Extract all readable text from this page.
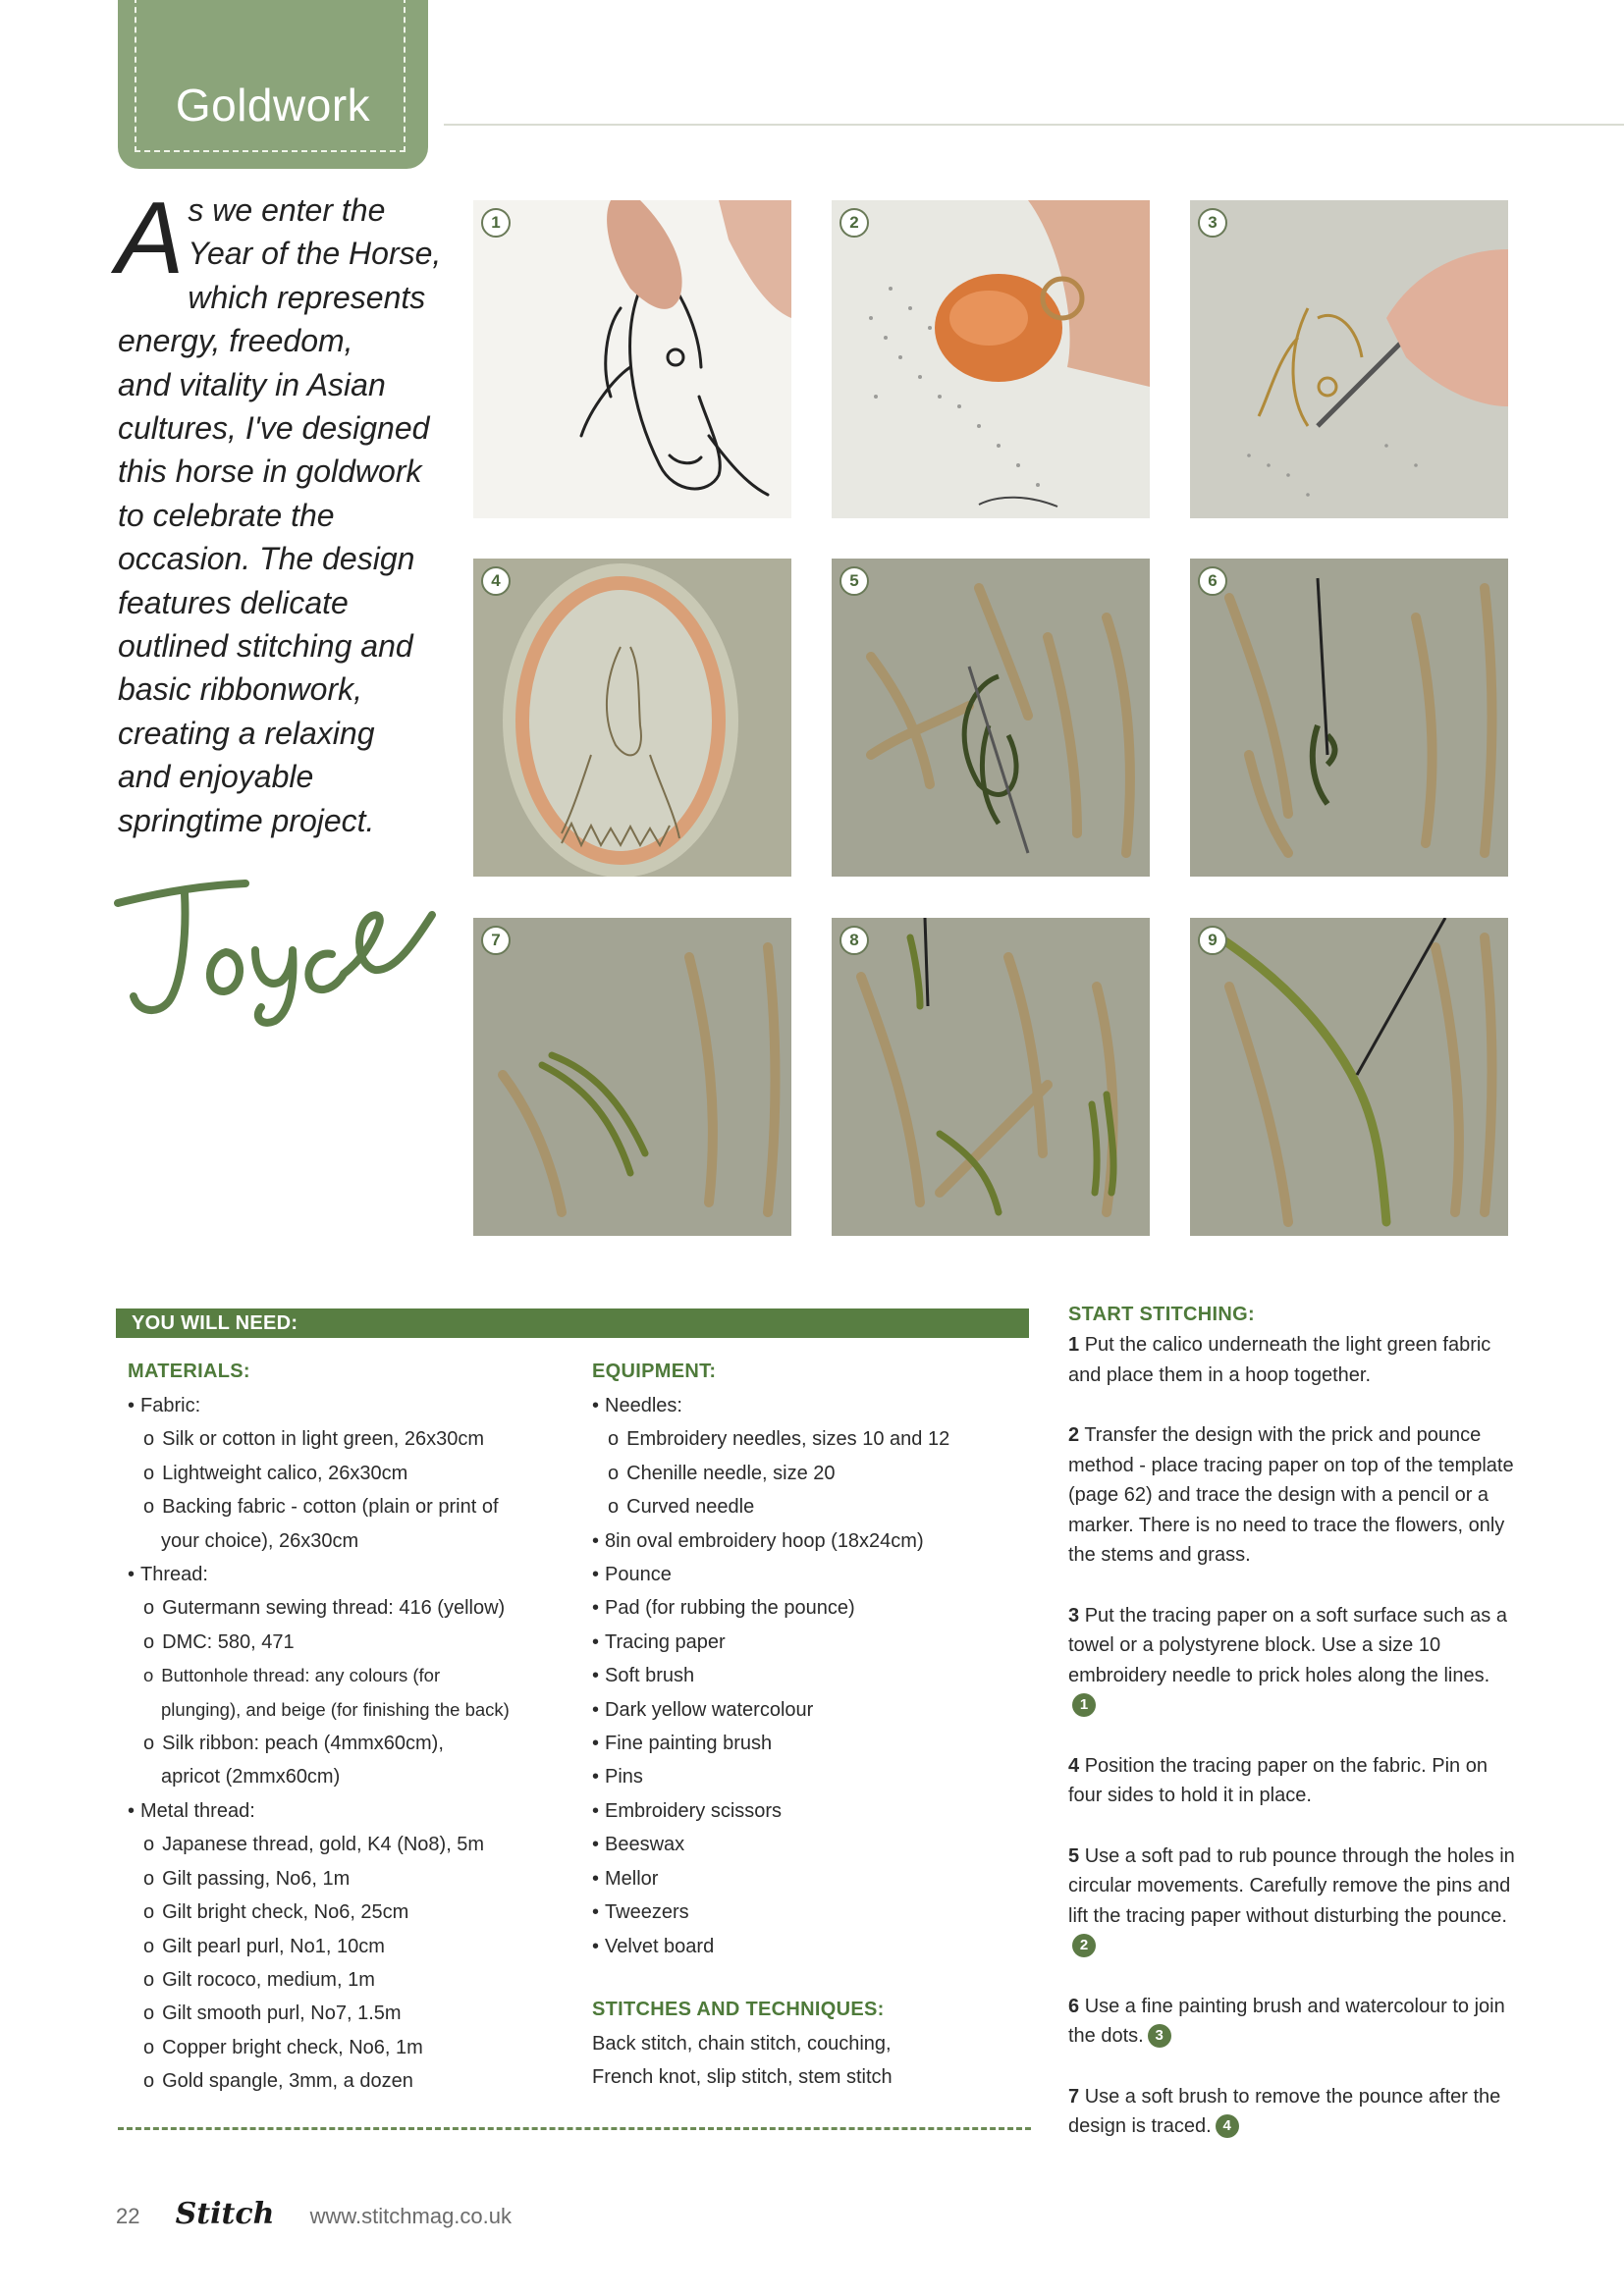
Goldwork
A s we enter the
Year of the Horse,
which represents
energy, freedom,
and vitality in Asian
cultures, I've designed
this horse in goldwork
to celebrate the
occasion. The design
features delicate
outlined stitching and
basic ribbonwork,
creating a relaxing
and enjoyable
springtime project.
1	2	3
4	5	6
7	8	9
YOU WILL NEED:
MATERIALS:
• Fabric:
o Silk or cotton in light green, 26x30cm
o Lightweight calico, 26x30cm
o Backing fabric - cotton (plain or print of
your choice), 26x30cm
• Thread:
o Gutermann sewing thread: 416 (yellow)
o DMC: 580, 471
o Buttonhole thread: any colours (for
plunging), and beige (for finishing the back)
o Silk ribbon: peach (4mmx60cm),
apricot (2mmx60cm)
• Metal thread:
o Japanese thread, gold, K4 (No8), 5m
o Gilt passing, No6, 1m
o Gilt bright check, No6, 25cm
o Gilt pearl purl, No1, 10cm
o Gilt rococo, medium, 1m
o Gilt smooth purl, No7, 1.5m
o Copper bright check, No6, 1m
o Gold spangle, 3mm, a dozen
EQUIPMENT:
• Needles:
o Embroidery needles, sizes 10 and 12
o Chenille needle, size 20
o Curved needle
• 8in oval embroidery hoop (18x24cm)
• Pounce
• Pad (for rubbing the pounce)
• Tracing paper
• Soft brush
• Dark yellow watercolour
• Fine painting brush
• Pins
• Embroidery scissors
• Beeswax
• Mellor
• Tweezers
• Velvet board
STITCHES AND TECHNIQUES:

Back stitch, chain stitch, couching,
French knot, slip stitch, stem stitch

START STITCHING:
1 Put the calico underneath the light green fabric and place them in a hoop together.
2 Transfer the design with the prick and pounce method - place tracing paper on top of the template (page 62) and trace the design with a pencil or a marker. There is no need to trace the flowers, only the stems and grass.
3 Put the tracing paper on a soft surface such as a towel or a polystyrene block. Use a size 10 embroidery needle to prick holes along the lines.1
4 Position the tracing paper on the fabric. Pin on four sides to hold it in place.
5 Use a soft pad to rub pounce through the holes in circular movements. Carefully remove the pins and lift the tracing paper without disturbing the pounce.2
6 Use a fine painting brush and watercolour to join the dots. 3
7 Use a soft brush to remove the pounce after the design is traced. 4
22 Stitch www.stitchmag.co.uk
